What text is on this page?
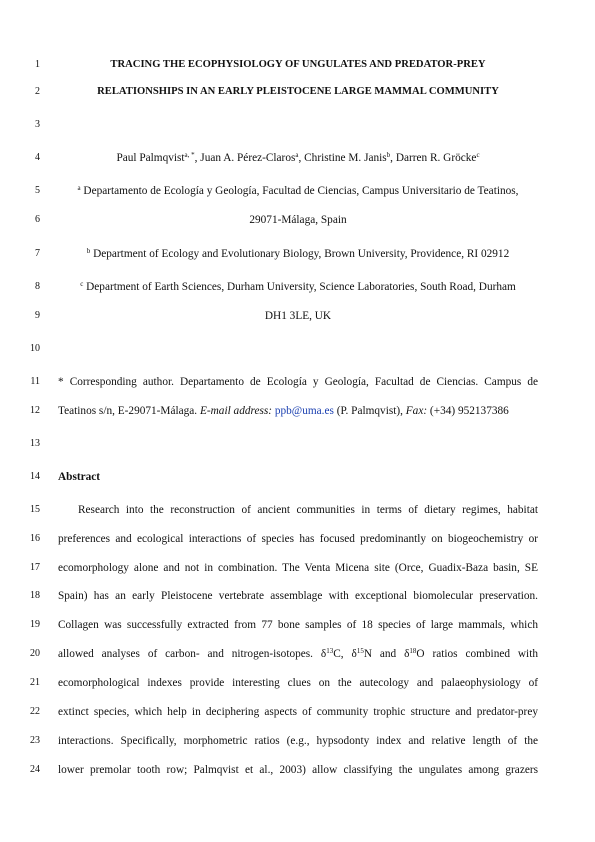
1
2
3
4
5
6
7
8
9
10
11
12
13
14
15
16
17
18
19
20
21
22
23
24
TRACING THE ECOPHYSIOLOGY OF UNGULATES AND PREDATOR-PREY
RELATIONSHIPS IN AN EARLY PLEISTOCENE LARGE MAMMAL COMMUNITY
Paul Palmqvist$^{a, *}$, Juan A. Pérez-Claros$^a$, Christine M. Janis$^b$, Darren R. Gröcke$^c$
$^a$ Departamento de Ecología y Geología, Facultad de Ciencias, Campus Universitario de Teatinos,
29071-Málaga, Spain
$^b$ Department of Ecology and Evolutionary Biology, Brown University, Providence, RI 02912
$^c$ Department of Earth Sciences, Durham University, Science Laboratories, South Road, Durham
DH1 3LE, UK
* Corresponding author. Departamento de Ecología y Geología, Facultad de Ciencias. Campus de
Teatinos s/n, E-29071-Málaga. E-mail address: ppb@uma.es (P. Palmqvist), Fax: (+34) 952137386
Abstract
Research into the reconstruction of ancient communities in terms of dietary regimes, habitat
preferences and ecological interactions of species has focused predominantly on biogeochemistry or
ecomorphology alone and not in combination. The Venta Micena site (Orce, Guadix-Baza basin, SE
Spain) has an early Pleistocene vertebrate assemblage with exceptional biomolecular preservation.
Collagen was successfully extracted from 77 bone samples of 18 species of large mammals, which
allowed analyses of carbon- and nitrogen-isotopes. $\delta^{13}C$, $\delta^{15}N$ and $\delta^{18}O$ ratios combined with
ecomorphological indexes provide interesting clues on the autecology and palaeophysiology of
extinct species, which help in deciphering aspects of community trophic structure and predator-prey
interactions. Specifically, morphometric ratios (e.g., hypsodonty index and relative length of the
lower premolar tooth row; Palmqvist et al., 2003) allow classifying the ungulates among grazers
